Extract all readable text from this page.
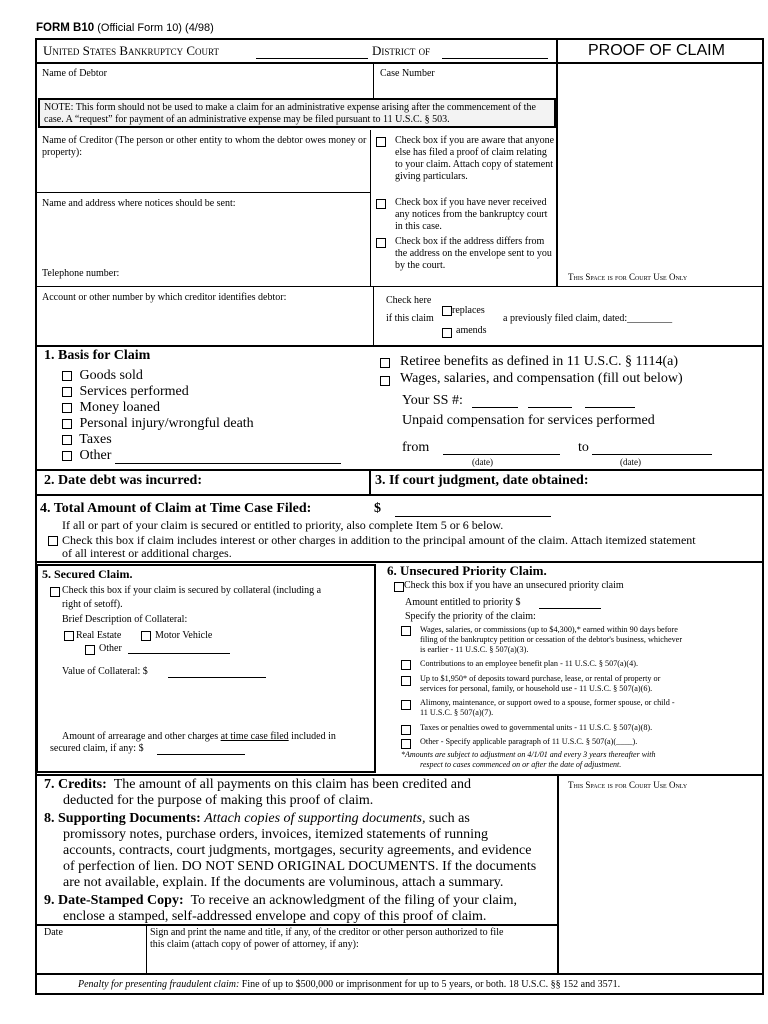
FORM B10 (Official Form 10) (4/98)
United States Bankruptcy Court	District of	PROOF OF CLAIM
Name of Debtor	Case Number
NOTE: This form should not be used to make a claim for an administrative expense arising after the commencement of the case. A “request” for payment of an administrative expense may be filed pursuant to 11 U.S.C. § 503.
Name of Creditor (The person or other entity to whom the debtor owes money or property):
Name and address where notices should be sent:
Telephone number:
Check box if you are aware that anyone else has filed a proof of claim relating to your claim. Attach copy of statement giving particulars.
Check box if you have never received any notices from the bankruptcy court in this case.
Check box if the address differs from the address on the envelope sent to you by the court.
This Space is for Court Use Only
Account or other number by which creditor identifies debtor:	Check here
if this claim
replaces
amends
a previously filed claim, dated:_________
1. Basis for Claim
Goods sold
Services performed
Money loaned
Personal injury/wrongful death
Taxes
Other
Retiree benefits as defined in 11 U.S.C. § 1114(a)
Wages, salaries, and compensation (fill out below)
Your SS #:
Unpaid compensation for services performed
from
(date)
to
(date)
2. Date debt was incurred:	3. If court judgment, date obtained:
4. Total Amount of Claim at Time Case Filed:	$
If all or part of your claim is secured or entitled to priority, also complete Item 5 or 6 below.
Check this box if claim includes interest or other charges in addition to the principal amount of the claim. Attach itemized statement
of all interest or additional charges.
5. Secured Claim.
Check this box if your claim is secured by collateral (including a
right of setoff).
Brief Description of Collateral:
Real Estate	Motor Vehicle
Other
Value of Collateral: $
Amount of arrearage and other charges at time case filed included in
secured claim, if any: $
6. Unsecured Priority Claim.
Check this box if you have an unsecured priority claim
Amount entitled to priority $
Specify the priority of the claim:
Wages, salaries, or commissions (up to $4,300),* earned within 90 days before
filing of the bankruptcy petition or cessation of the debtor's business, whichever
is earlier - 11 U.S.C. § 507(a)(3).
Contributions to an employee benefit plan - 11 U.S.C. § 507(a)(4).
Up to $1,950* of deposits toward purchase, lease, or rental of property or
services for personal, family, or household use - 11 U.S.C. § 507(a)(6).
Alimony, maintenance, or support owed to a spouse, former spouse, or child -
11 U.S.C. § 507(a)(7).
Taxes or penalties owed to governmental units - 11 U.S.C. § 507(a)(8).
Other - Specify applicable paragraph of 11 U.S.C. § 507(a)(____).
*Amounts are subject to adjustment on 4/1/01 and every 3 years thereafter with
respect to cases commenced on or after the date of adjustment.
7. Credits: The amount of all payments on this claim has been credited and
deducted for the purpose of making this proof of claim.
8. Supporting Documents: Attach copies of supporting documents, such as
promissory notes, purchase orders, invoices, itemized statements of running
accounts, contracts, court judgments, mortgages, security agreements, and evidence
of perfection of lien. DO NOT SEND ORIGINAL DOCUMENTS. If the documents
are not available, explain. If the documents are voluminous, attach a summary.
9. Date-Stamped Copy: To receive an acknowledgment of the filing of your claim,
enclose a stamped, self-addressed envelope and copy of this proof of claim.
This Space is for Court Use Only
Date	Sign and print the name and title, if any, of the creditor or other person authorized to file
this claim (attach copy of power of attorney, if any):
Penalty for presenting fraudulent claim: Fine of up to $500,000 or imprisonment for up to 5 years, or both. 18 U.S.C. §§ 152 and 3571.
